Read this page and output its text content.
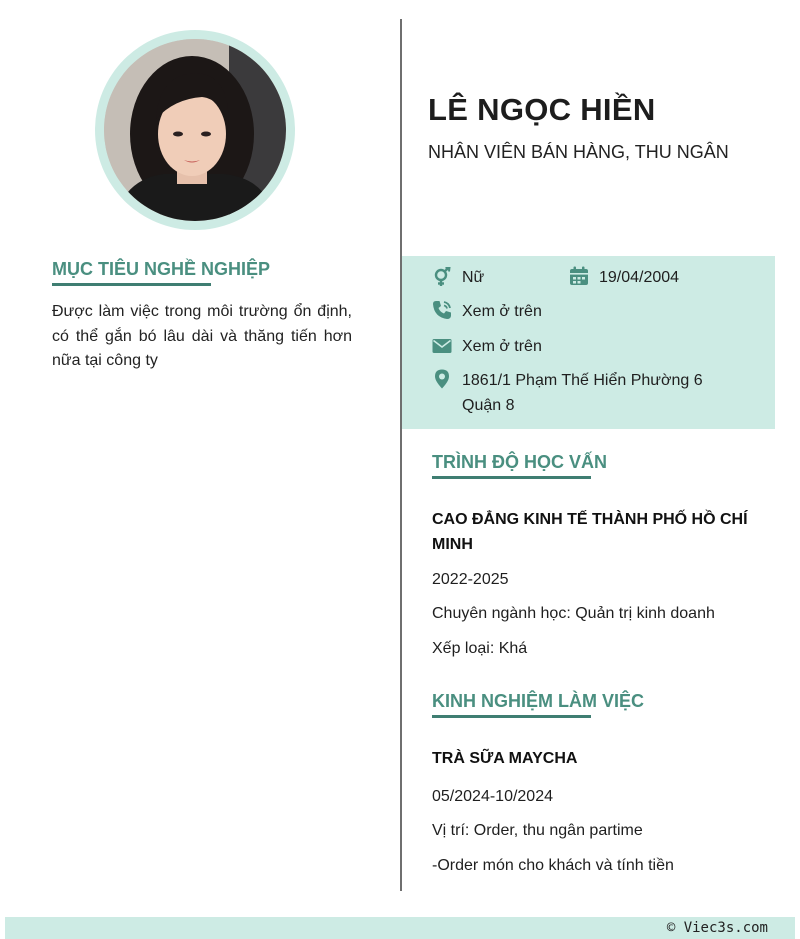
MỤC TIÊU NGHỀ NGHIỆP
Được làm việc trong môi trường ổn định, có thể gắn bó lâu dài và thăng tiến hơn nữa tại công ty
LÊ NGỌC HIỀN
NHÂN VIÊN BÁN HÀNG, THU NGÂN
Nữ	19/04/2004
Xem ở trên
Xem ở trên
1861/1 Phạm Thế Hiển Phường 6
Quận 8
TRÌNH ĐỘ HỌC VẤN
CAO ĐẲNG KINH TẾ THÀNH PHỐ HỒ CHÍ MINH
2022-2025
Chuyên ngành học: Quản trị kinh doanh
Xếp loại: Khá
KINH NGHIỆM LÀM VIỆC
TRÀ SỮA MAYCHA
05/2024-10/2024
Vị trí: Order, thu ngân partime
-Order món cho khách và tính tiền
© Viec3s.com
